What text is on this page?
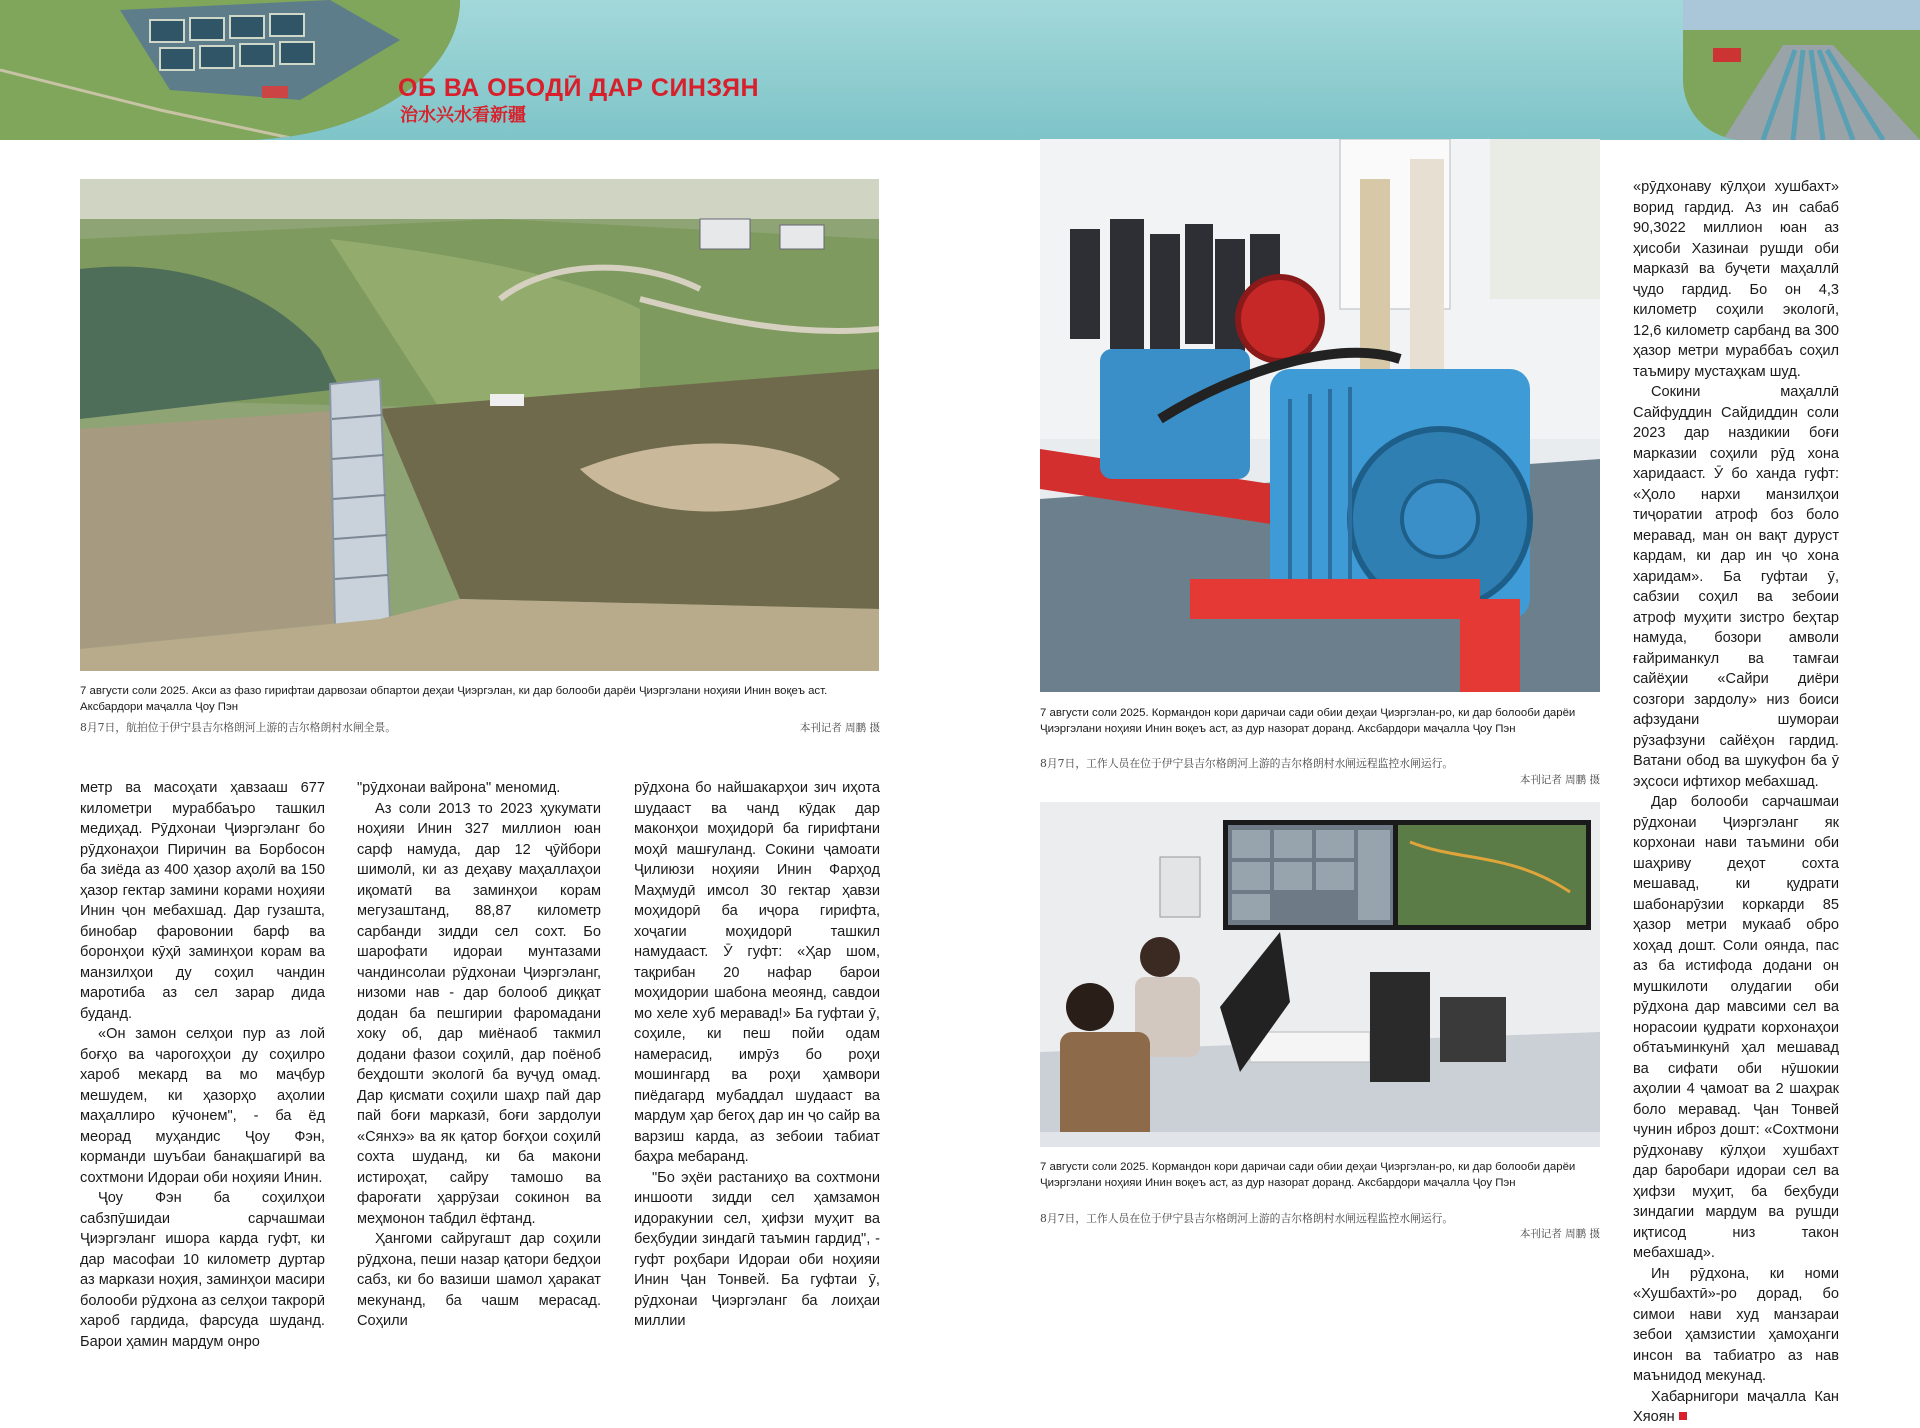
ОБ ВА ОБОДӢ ДАР СИНЗЯН
治水兴水看新疆
7 августи соли 2025. Акси аз фазо гирифтаи дарвозаи обпартои деҳаи Ҷиэргэлан, ки дар болооби дарёи Ҷиэргэлани ноҳияи Инин воқеъ аст. Аксбардори маҷалла Ҷоу Пэн
8月7日，航拍位于伊宁县吉尔格朗河上游的吉尔格朗村水闸全景。	本刊记者 周鹏 摄
7 августи соли 2025. Кормандон кори даричаи сади обии деҳаи Ҷиэргэлан-ро, ки дар болооби дарёи Ҷиэргэлани ноҳияи Инин воқеъ аст, аз дур назорат доранд. Аксбардори маҷалла Ҷоу Пэн
8月7日，工作人员在位于伊宁县吉尔格朗河上游的吉尔格朗村水闸远程监控水闸运行。
本刊记者 周鹏 摄
7 августи соли 2025. Кормандон кори даричаи сади обии деҳаи Ҷиэргэлан-ро, ки дар болооби дарёи Ҷиэргэлани ноҳияи Инин воқеъ аст, аз дур назорат доранд. Аксбардори маҷалла Ҷоу Пэн
8月7日，工作人员在位于伊宁县吉尔格朗河上游的吉尔格朗村水闸远程监控水闸运行。
本刊记者 周鹏 摄

метр ва масоҳати ҳавзааш 677 километри мураббаъро ташкил медиҳад. Рӯдхонаи Ҷиэргэланг бо рӯдхонаҳои Пиричин ва Борбосон ба зиёда аз 400 ҳазор аҳолӣ ва 150 ҳазор гектар замини корами ноҳияи Инин ҷон мебахшад. Дар гузашта, бинобар фаровонии барф ва боронҳои кӯҳӣ заминҳои корам ва манзилҳои ду соҳил чандин маротиба аз сел зарар дида буданд.

«Он замон селҳои пур аз лой боғҳо ва чарогоҳҳои ду соҳилро хароб мекард ва мо маҷбур мешудем, ки ҳазорҳо аҳолии маҳаллиро кӯчонем", - ба ёд меорад муҳандис Ҷоу Фэн, корманди шуъбаи банақшагирӣ ва сохтмони Идораи оби ноҳияи Инин.

Ҷоу Фэн ба соҳилҳои сабзпӯшидаи сарчашмаи Ҷиэргэланг ишора карда гуфт, ки дар масофаи 10 километр дуртар аз маркази ноҳия, заминҳои масири болооби рӯдхона аз селҳои такрорӣ хароб гардида, фарсуда шуданд. Барои ҳамин мардум онро

"рӯдхонаи вайрона" меномид.

Аз соли 2013 то 2023 ҳукумати ноҳияи Инин 327 миллион юан сарф намуда, дар 12 ҷӯйбори шимолӣ, ки аз деҳаву маҳаллаҳои иқоматӣ ва заминҳои корам мегузаштанд, 88,87 километр сарбанди зидди сел сохт. Бо шарофати идораи мунтазами чандинсолаи рӯдхонаи Ҷиэргэланг, низоми нав - дар болооб диққат додан ба пешгирии фаромадани хоку об, дар миёнаоб такмил додани фазои соҳилӣ, дар поёноб беҳдошти экологӣ ба вуҷуд омад. Дар қисмати соҳили шаҳр пай дар пай боғи марказӣ, боғи зардолуи «Сянхэ» ва як қатор боғҳои соҳилӣ сохта шуданд, ки ба макони истироҳат, сайру тамошо ва фароғати ҳаррӯзаи сокинон ва меҳмонон табдил ёфтанд.

Ҳангоми сайругашт дар соҳили рӯдхона, пеши назар қатори бедҳои сабз, ки бо вазиши шамол ҳаракат мекунанд, ба чашм мерасад. Соҳили

рӯдхона бо найшакарҳои зич иҳота шудааст ва чанд кӯдак дар маконҳои моҳидорӣ ба гирифтани моҳӣ машғуланд. Сокини ҷамоати Ҷилиюзи ноҳияи Инин Фарҳод Маҳмудӣ имсол 30 гектар ҳавзи моҳидорӣ ба иҷора гирифта, хоҷагии моҳидорӣ ташкил намудааст. Ӯ гуфт: «Ҳар шом, тақрибан 20 нафар барои моҳидории шабона меоянд, савдои мо хеле хуб меравад!» Ба гуфтаи ӯ, соҳиле, ки пеш пойи одам намерасид, имрӯз бо роҳи мошингард ва роҳи ҳамвори пиёдагард мубаддал шудааст ва мардум ҳар бегоҳ дар ин ҷо сайр ва варзиш карда, аз зебоии табиат баҳра мебаранд.

"Бо эҳёи растаниҳо ва сохтмони иншооти зидди сел ҳамзамон идоракунии сел, ҳифзи муҳит ва беҳбудии зиндагӣ таъмин гардид", - гуфт роҳбари Идораи оби ноҳияи Инин Ҷан Тонвей. Ба гуфтаи ӯ, рӯдхонаи Ҷиэргэланг ба лоиҳаи миллии

«рӯдхонаву кӯлҳои хушбахт» ворид гардид. Аз ин сабаб 90,3022 миллион юан аз ҳисоби Хазинаи рушди оби марказӣ ва буҷети маҳаллӣ ҷудо гардид. Бо он 4,3 километр соҳили экологӣ, 12,6 километр сарбанд ва 300 ҳазор метри мураббаъ соҳил таъмиру мустаҳкам шуд.

Сокини маҳаллӣ Сайфуддин Сайдиддин соли 2023 дар наздикии боғи марказии соҳили рӯд хона харидааст. Ӯ бо ханда гуфт: «Ҳоло нархи манзилҳои тиҷоратии атроф боз боло меравад, ман он вақт дуруст кардам, ки дар ин ҷо хона харидам». Ба гуфтаи ӯ, сабзии соҳил ва зебоии атроф муҳити зистро беҳтар намуда, бозори амволи ғайриманкул ва тамғаи сайёҳии «Сайри диёри созгори зардолу» низ боиси афзудани шумораи рӯзафзуни сайёҳон гардид. Ватани обод ва шукуфон ба ӯ эҳсоси ифтихор мебахшад.

Дар болооби сарчашмаи рӯдхонаи Ҷиэргэланг як корхонаи нави таъмини оби шаҳриву деҳот сохта мешавад, ки қудрати шабонарӯзии коркарди 85 ҳазор метри мукааб обро хоҳад дошт. Соли оянда, пас аз ба истифода додани он мушкилоти олудагии оби рӯдхона дар мавсими сел ва норасоии қудрати корхонаҳои обтаъминкунӣ ҳал мешавад ва сифати оби нӯшокии аҳолии 4 ҷамоат ва 2 шаҳрак боло меравад. Ҷан Тонвей чунин иброз дошт: «Сохтмони рӯдхонаву кӯлҳои хушбахт дар баробари идораи сел ва ҳифзи муҳит, ба беҳбуди зиндагии мардум ва рушди иқтисод низ такон мебахшад».

Ин рӯдхона, ки номи «Хушбахтӣ»-ро дорад, бо симои нави худ манзараи зебои ҳамзистии ҳамоҳанги инсон ва табиатро аз нав маънидод мекунад.

Хабарнигори маҷалла Кан Хяоян
